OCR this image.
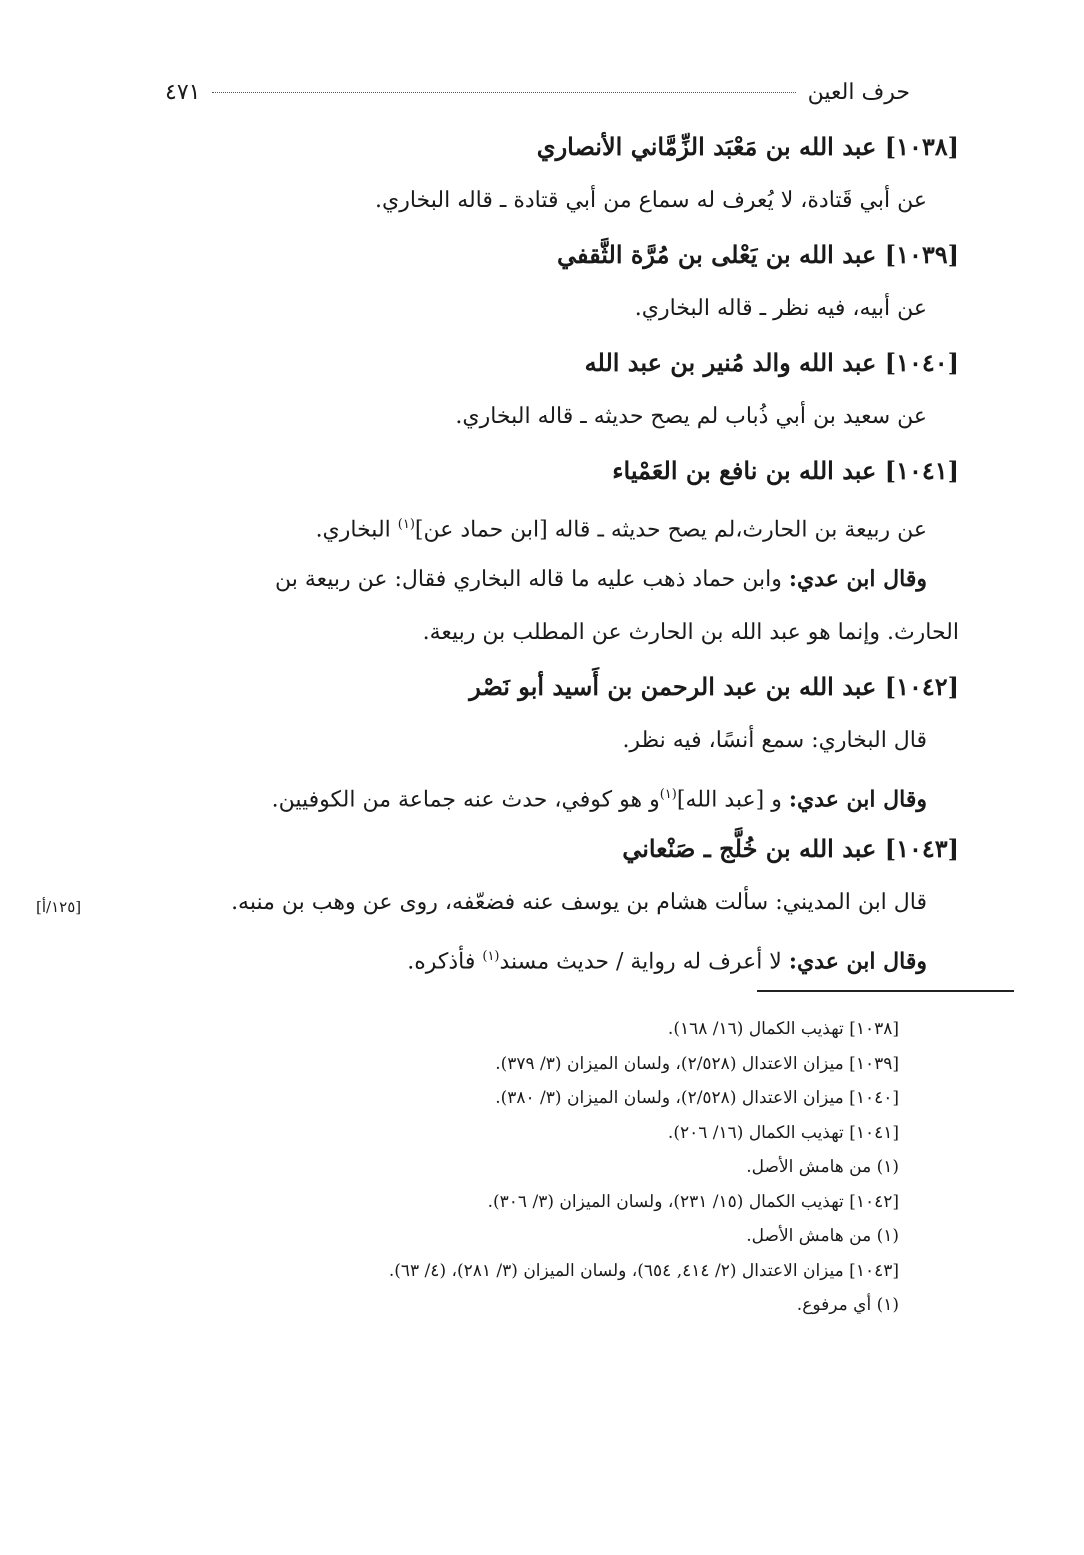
حرف العين
٤٧١
[١٠٣٨] عبد الله بن مَعْبَد الزِّمَّاني الأنصاري
عن أبي قَتادة، لا يُعرف له سماع من أبي قتادة ـ قاله البخاري.
[١٠٣٩] عبد الله بن يَعْلى بن مُرَّة الثَّقفي
عن أبيه، فيه نظر ـ قاله البخاري.
[١٠٤٠] عبد الله والد مُنير بن عبد الله
عن سعيد بن أبي ذُباب لم يصح حديثه ـ قاله البخاري.
[١٠٤١] عبد الله بن نافع بن العَمْياء
عن ربيعة بن الحارث،لم يصح حديثه ـ قاله [ابن حماد عن]$^{(١)}$ البخاري.
وقال ابن عدي: وابن حماد ذهب عليه ما قاله البخاري فقال: عن ربيعة بن
الحارث. وإنما هو عبد الله بن الحارث عن المطلب بن ربيعة.
[١٠٤٢] عبد الله بن عبد الرحمن بن أَسيد أبو نَصْر
قال البخاري: سمع أنسًا، فيه نظر.
وقال ابن عدي: و [عبد الله]$^{(١)}$و هو كوفي، حدث عنه جماعة من الكوفيين.
[١٠٤٣] عبد الله بن خُلَّج ـ صَنْعاني
قال ابن المديني: سألت هشام بن يوسف عنه فضعّفه، روى عن وهب بن منبه.
وقال ابن عدي: لا أعرف له رواية / حديث مسند$^{(١)}$ فأذكره.
[١٢٥/أ]
[١٠٣٨] تهذيب الكمال (١٦/ ١٦٨).
[١٠٣٩] ميزان الاعتدال (٢/٥٢٨)، ولسان الميزان (٣/ ٣٧٩).
[١٠٤٠] ميزان الاعتدال (٢/٥٢٨)، ولسان الميزان (٣/ ٣٨٠).
[١٠٤١] تهذيب الكمال (١٦/ ٢٠٦).
(١) من هامش الأصل.
[١٠٤٢] تهذيب الكمال (١٥/ ٢٣١)، ولسان الميزان (٣/ ٣٠٦).
(١) من هامش الأصل.
[١٠٤٣] ميزان الاعتدال (٢/ ٤١٤, ٦٥٤)، ولسان الميزان (٣/ ٢٨١)، (٤/ ٦٣).
(١) أي مرفوع.
